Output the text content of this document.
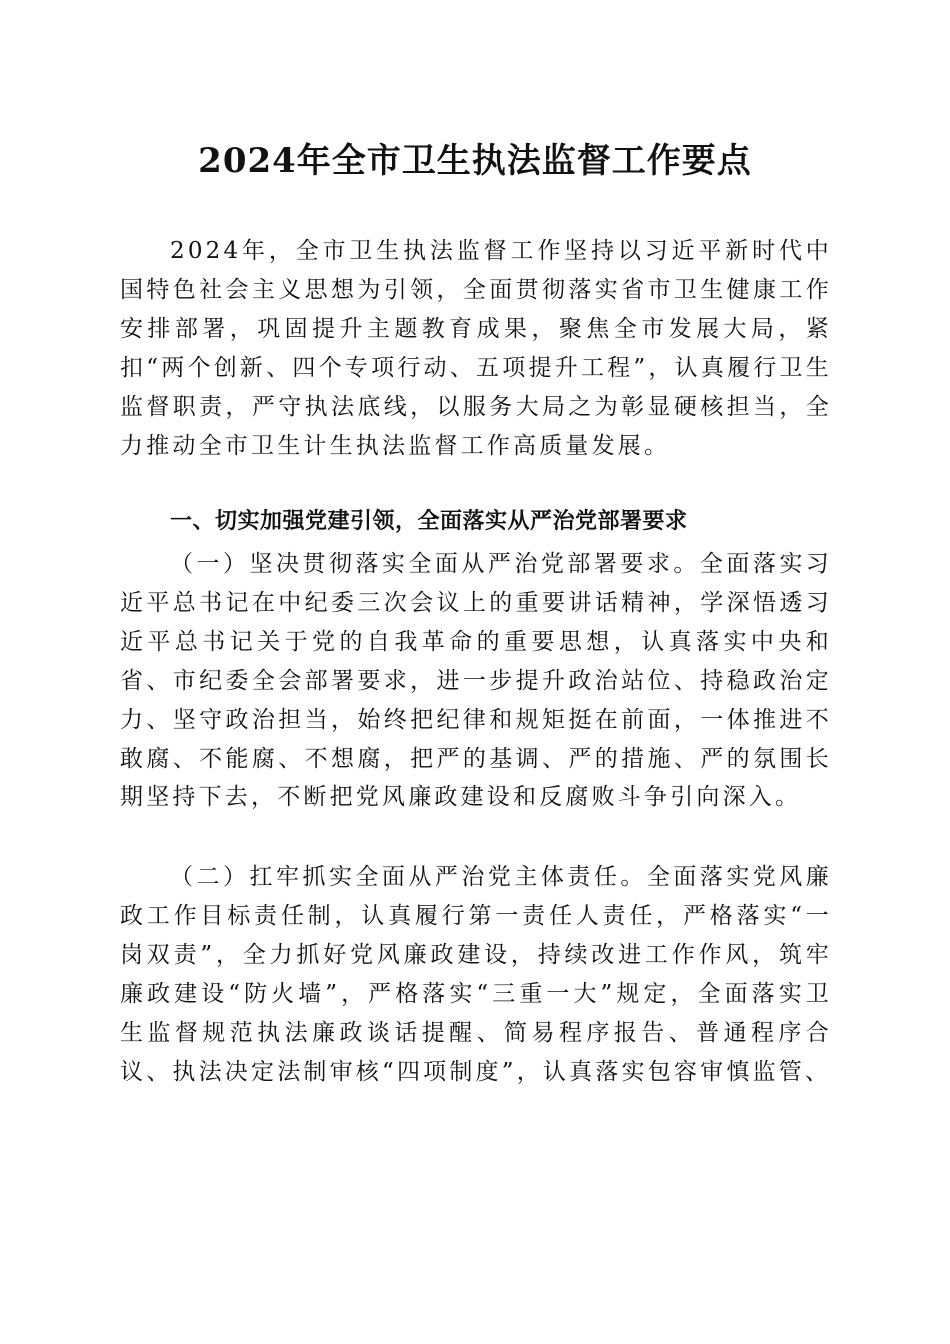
2024年全市卫生执法监督工作要点

2024年，全市卫生执法监督工作坚持以习近平新时代中国特色社会主义思想为引领，全面贯彻落实省市卫生健康工作安排部署，巩固提升主题教育成果，聚焦全市发展大局，紧扣“两个创新、四个专项行动、五项提升工程”，认真履行卫生监督职责，严守执法底线，以服务大局之为彰显硬核担当，全力推动全市卫生计生执法监督工作高质量发展。

一、切实加强党建引领，全面落实从严治党部署要求

（一）坚决贯彻落实全面从严治党部署要求。全面落实习近平总书记在中纪委三次会议上的重要讲话精神，学深悟透习近平总书记关于党的自我革命的重要思想，认真落实中央和省、市纪委全会部署要求，进一步提升政治站位、持稳政治定力、坚守政治担当，始终把纪律和规矩挺在前面，一体推进不敢腐、不能腐、不想腐，把严的基调、严的措施、严的氛围长期坚持下去，不断把党风廉政建设和反腐败斗争引向深入。

（二）扛牢抓实全面从严治党主体责任。全面落实党风廉政工作目标责任制，认真履行第一责任人责任，严格落实“一岗双责”，全力抓好党风廉政建设，持续改进工作作风，筑牢廉政建设“防火墙”，严格落实“三重一大”规定，全面落实卫生监督规范执法廉政谈话提醒、简易程序报告、普通程序合议、执法决定法制审核“四项制度”，认真落实包容审慎监管、
